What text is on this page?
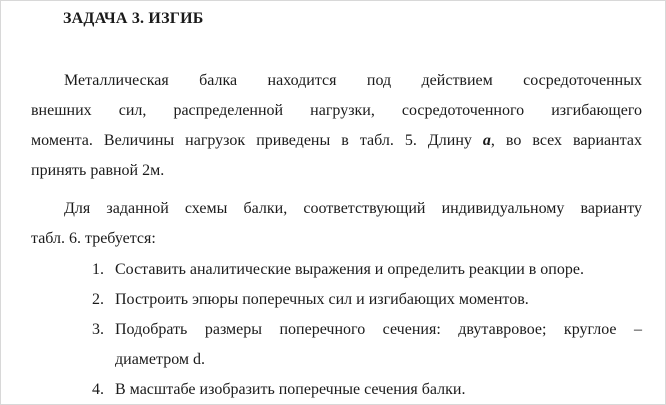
ЗАДАЧА 3. ИЗГИБ
Металлическая балка находится под действием сосредоточенных
внешних сил, распределенной нагрузки, сосредоточенного изгибающего
момента. Величины нагрузок приведены в табл. 5. Длину a, во всех вариантах
принять равной 2м.
Для заданной схемы балки, соответствующий индивидуальному варианту
табл. 6. требуется:
1. Составить аналитические выражения и определить реакции в опоре.
2. Построить эпюры поперечных сил и изгибающих моментов.
3. Подобрать размеры поперечного сечения: двутавровое; круглое –
диаметром d.
4. В масштабе изобразить поперечные сечения балки.
